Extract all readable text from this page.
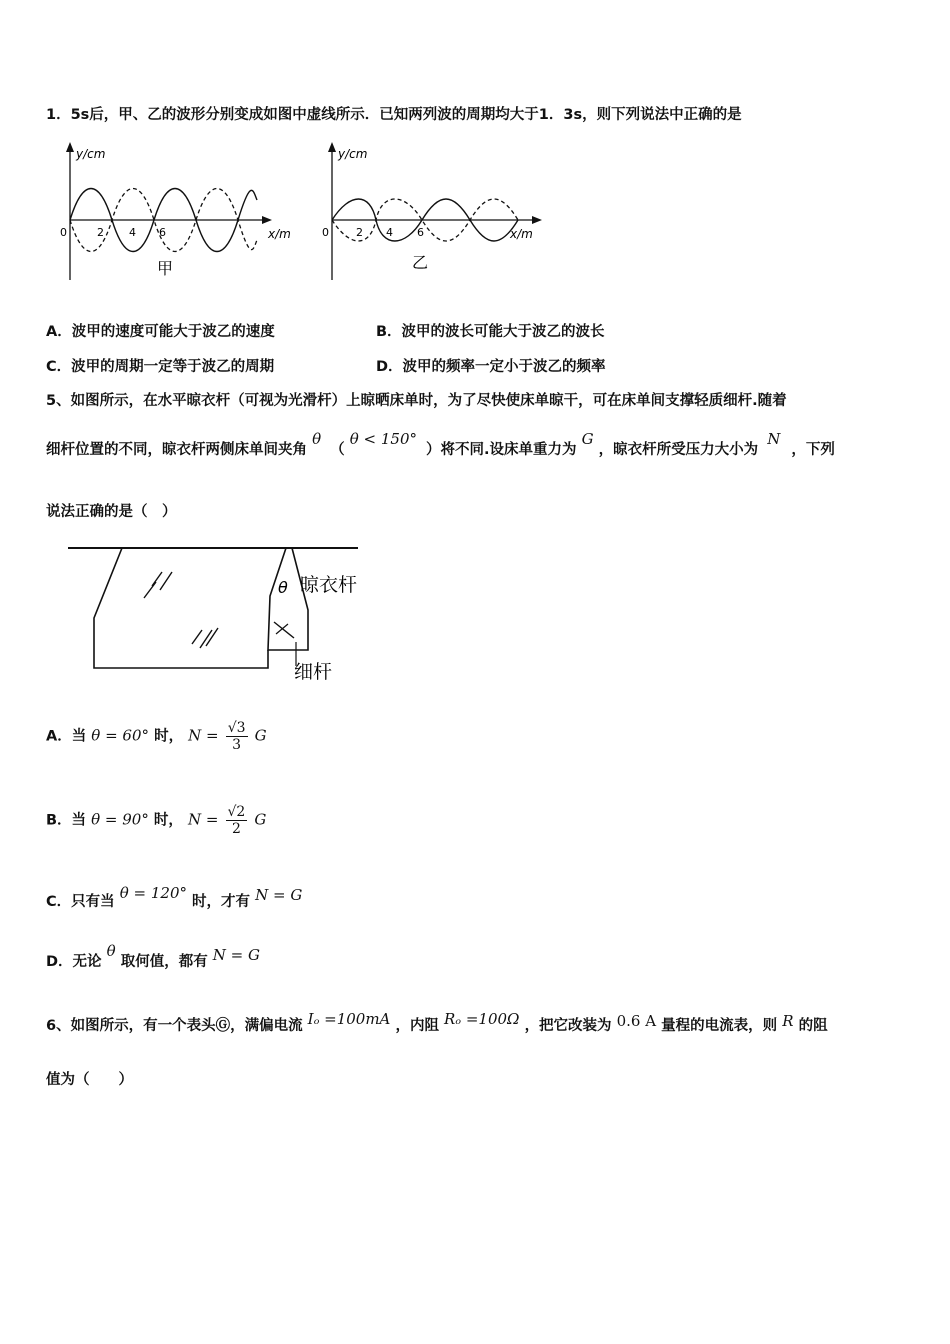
1．5s后，甲、乙的波形分别变成如图中虚线所示．已知两列波的周期均大于1．3s，则下列说法中正确的是
y/cm
x/m
0	2 4 6
甲
y/cm
x/m
0 2 4 6
乙
A．波甲的速度可能大于波乙的速度	B．波甲的波长可能大于波乙的波长
C．波甲的周期一定等于波乙的周期	D．波甲的频率一定小于波乙的频率
5、如图所示，在水平晾衣杆（可视为光滑杆）上晾晒床单时，为了尽快使床单晾干，可在床单间支撑轻质细杆.随着
细杆位置的不同，晾衣杆两侧床单间夹角 θ （ θ < 150° ）将不同.设床单重力为 G ，晾衣杆所受压力大小为 N ，下列
说法正确的是（　）
θ 晾衣杆
细杆
A．当 θ = 60° 时， $N = \frac{√3}{3}$ G
B．当 θ = 90° 时， $N = \frac{√2}{2}$ G
C．只有当 θ = 120° 时，才有 N = G
D．无论 θ 取何值，都有 N = G
6、如图所示，有一个表头Ⓖ，满偏电流 Iₒ =100mA ，内阻 Rₒ =100Ω ，把它改装为 0.6 A 量程的电流表，则 R 的阻
值为（　　）
